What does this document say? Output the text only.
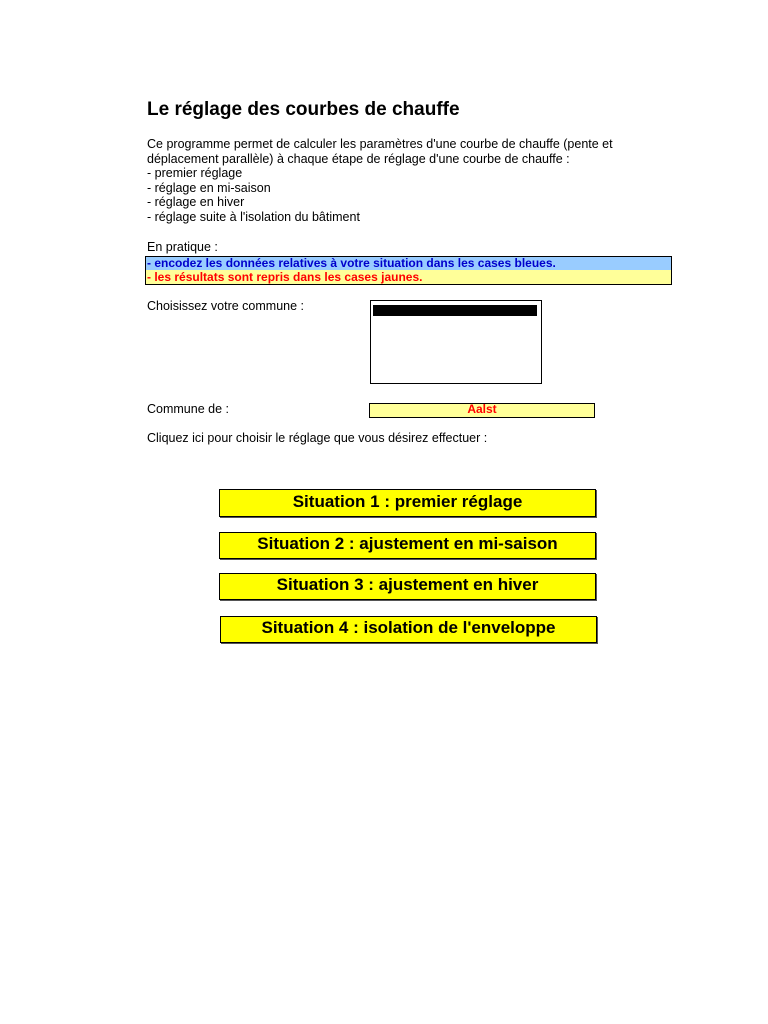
Le réglage des courbes de chauffe

Ce programme permet de calculer les paramètres d'une courbe de chauffe (pente et déplacement parallèle) à chaque étape de réglage d'une courbe de chauffe :

- premier réglage
- réglage en mi-saison
- réglage en hiver
- réglage suite à l'isolation du bâtiment
En pratique :
- encodez les données relatives à votre situation dans les cases bleues.
- les résultats sont repris dans les cases jaunes.
Choisissez votre commune :
Commune de :	Aalst
Cliquez ici pour choisir le réglage que vous désirez effectuer :
Situation 1 : premier réglage
Situation 2 : ajustement en mi-saison
Situation 3 : ajustement en hiver
Situation 4 : isolation de l'enveloppe
